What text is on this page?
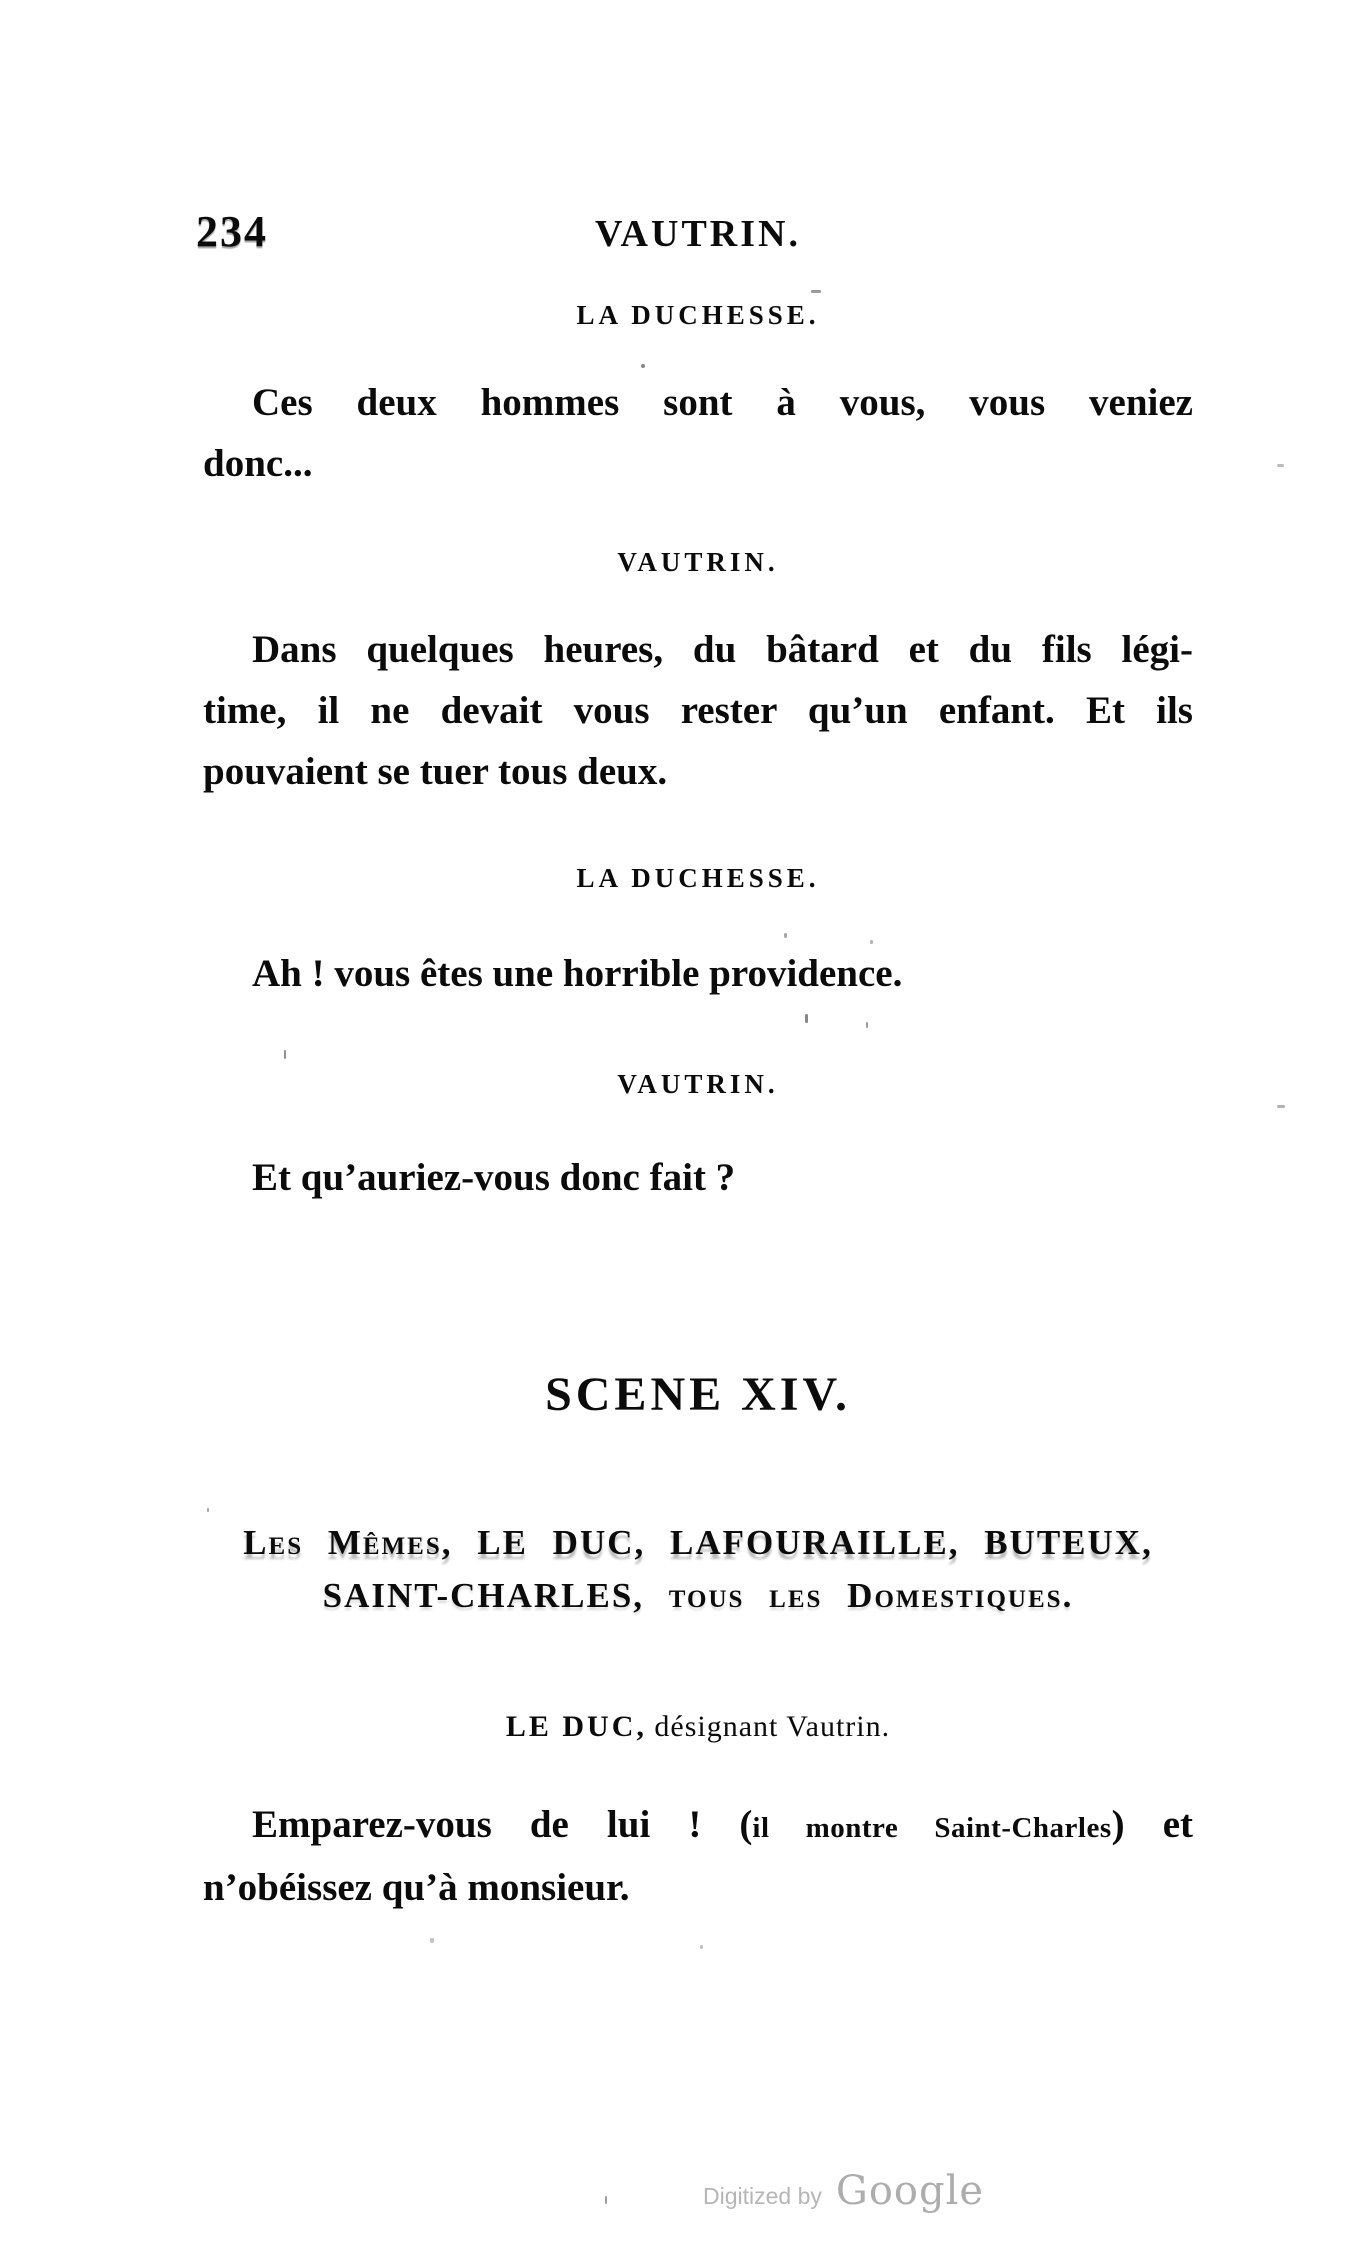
234	VAUTRIN.
LA DUCHESSE.
Ces deux hommes sont à vous, vous veniez
donc...
VAUTRIN.
Dans quelques heures, du bâtard et du fils légi-
time, il ne devait vous rester qu’un enfant. Et ils
pouvaient se tuer tous deux.
LA DUCHESSE.
Ah ! vous êtes une horrible providence.
VAUTRIN.
Et qu’auriez-vous donc fait ?
SCENE XIV.
Les Mêmes, LE DUC, LAFOURAILLE, BUTEUX,
SAINT-CHARLES, tous les Domestiques.
LE DUC, désignant Vautrin.
Emparez-vous de lui ! (il montre Saint-Charles) et
n’obéissez qu’à monsieur.
Digitized by Google
